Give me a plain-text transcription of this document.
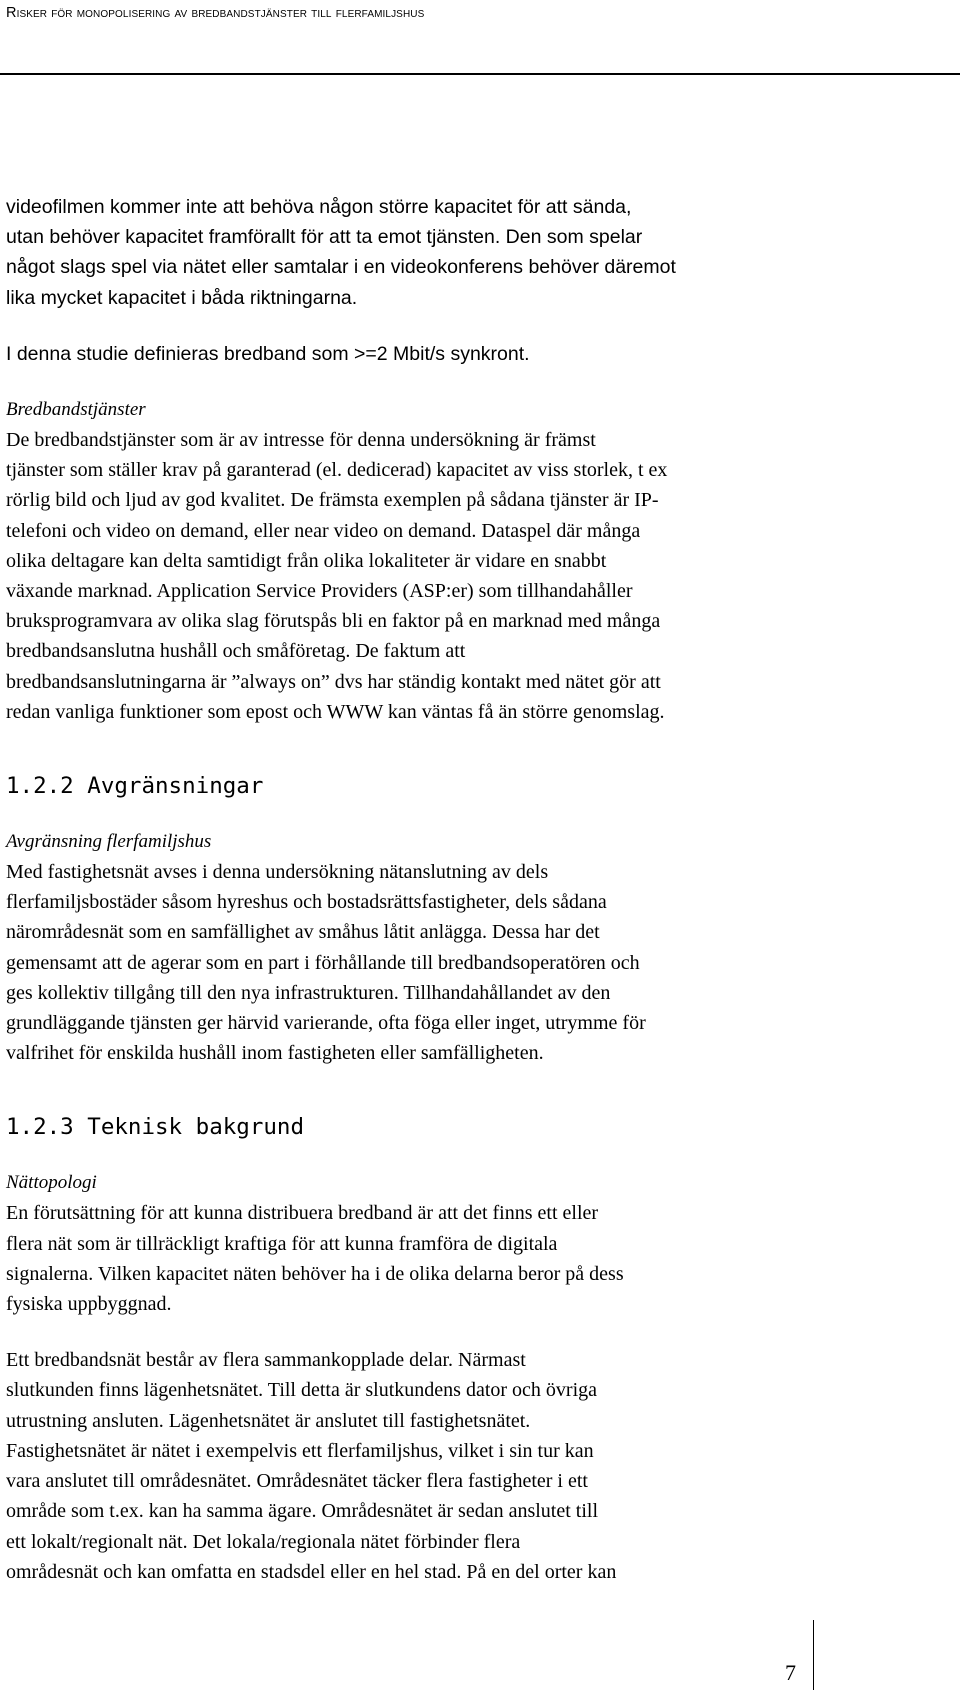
Risker för monopolisering av bredbandstjänster till flerfamiljshus
videofilmen kommer inte att behöva någon större kapacitet för att sända,
utan behöver kapacitet framförallt för att ta emot tjänsten. Den som spelar
något slags spel via nätet eller samtalar i en videokonferens behöver däremot
lika mycket kapacitet i båda riktningarna.
I denna studie definieras bredband som >=2 Mbit/s synkront.
Bredbandstjänster
De bredbandstjänster som är av intresse för denna undersökning är främst
tjänster som ställer krav på garanterad (el. dedicerad) kapacitet av viss storlek, t ex
rörlig bild och ljud av god kvalitet. De främsta exemplen på sådana tjänster är IP-
telefoni och video on demand, eller near video on demand. Dataspel där många
olika deltagare kan delta samtidigt från olika lokaliteter är vidare en snabbt
växande marknad. Application Service Providers (ASP:er) som tillhandahåller
bruksprogramvara av olika slag förutspås bli en faktor på en marknad med många
bredbandsanslutna hushåll och småföretag. De faktum att
bredbandsanslutningarna är ”always on” dvs har ständig kontakt med nätet gör att
redan vanliga funktioner som epost och WWW kan väntas få än större genomslag.
1.2.2 Avgränsningar
Avgränsning flerfamiljshus
Med fastighetsnät avses i denna undersökning nätanslutning av dels
flerfamiljsbostäder såsom hyreshus och bostadsrättsfastigheter, dels sådana
närområdesnät som en samfällighet av småhus låtit anlägga. Dessa har det
gemensamt att de agerar som en part i förhållande till bredbandsoperatören och
ges kollektiv tillgång till den nya infrastrukturen. Tillhandahållandet av den
grundläggande tjänsten ger härvid varierande, ofta föga eller inget, utrymme för
valfrihet för enskilda hushåll inom fastigheten eller samfälligheten.
1.2.3 Teknisk bakgrund
Nättopologi
En förutsättning för att kunna distribuera bredband är att det finns ett eller
flera nät som är tillräckligt kraftiga för att kunna framföra de digitala
signalerna. Vilken kapacitet näten behöver ha i de olika delarna beror på dess
fysiska uppbyggnad.
Ett bredbandsnät består av flera sammankopplade delar. Närmast
slutkunden finns lägenhetsnätet. Till detta är slutkundens dator och övriga
utrustning ansluten. Lägenhetsnätet är anslutet till fastighetsnätet.
Fastighetsnätet är nätet i exempelvis ett flerfamiljshus, vilket i sin tur kan
vara anslutet till områdesnätet. Områdesnätet täcker flera fastigheter i ett
område som t.ex. kan ha samma ägare. Områdesnätet är sedan anslutet till
ett lokalt/regionalt nät. Det lokala/regionala nätet förbinder flera
områdesnät och kan omfatta en stadsdel eller en hel stad. På en del orter kan
7
